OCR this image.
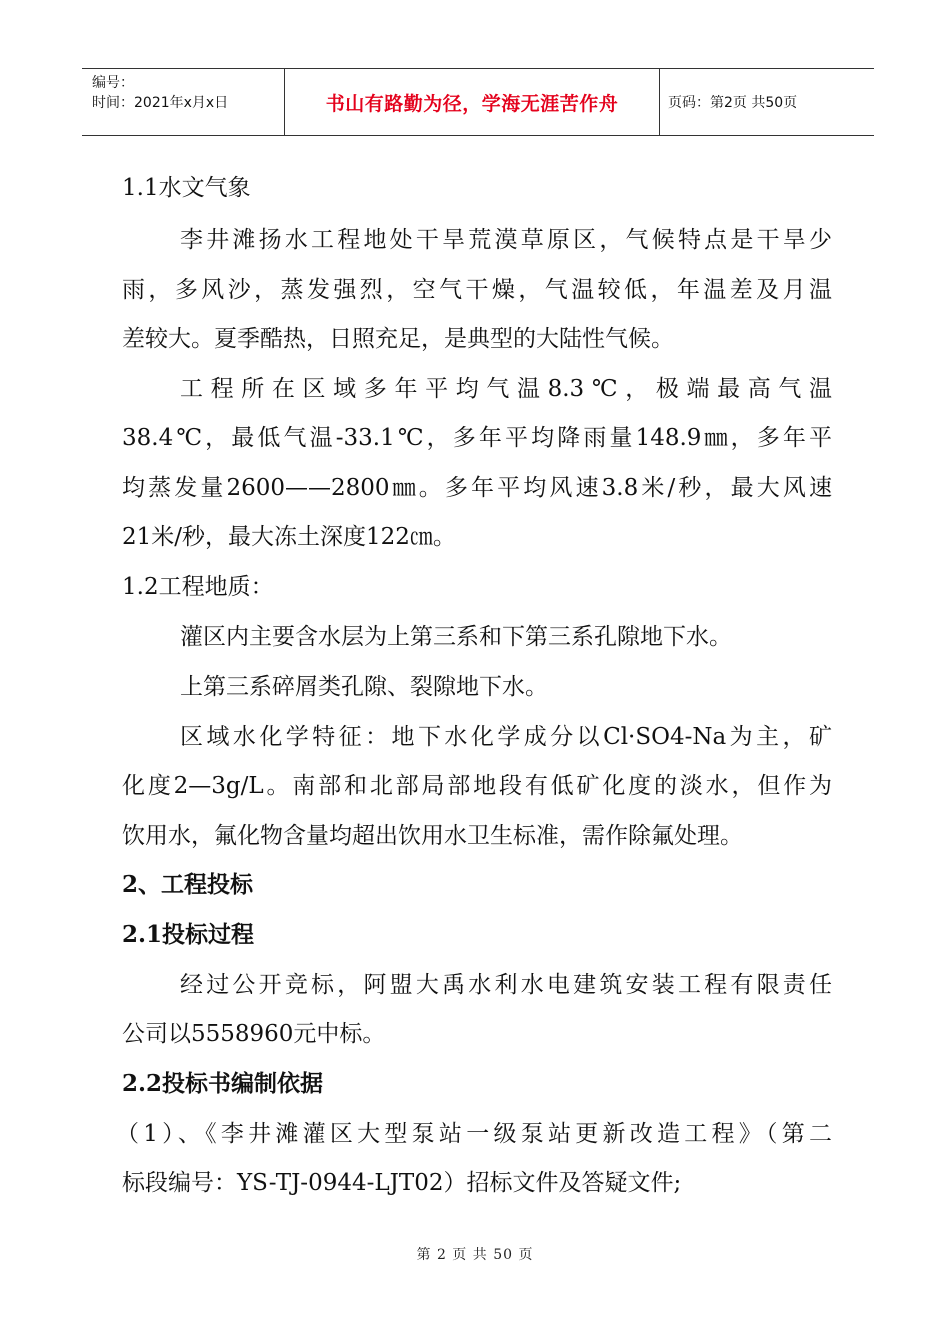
编号：
时间：2021年x月x日	书山有路勤为径，学海无涯苦作舟	页码：第2页 共50页
1.1水文气象
李井滩扬水工程地处干旱荒漠草原区，气候特点是干旱少
雨，多风沙，蒸发强烈，空气干燥，气温较低，年温差及月温
差较大。夏季酷热，日照充足，是典型的大陆性气候。
工程所在区域多年平均气温8.3℃，极端最高气温
38.4℃，最低气温-33.1℃，多年平均降雨量148.9㎜，多年平
均蒸发量2600——2800㎜。多年平均风速3.8米/秒，最大风速
21米/秒，最大冻土深度122㎝。
1.2工程地质：
灌区内主要含水层为上第三系和下第三系孔隙地下水。
上第三系碎屑类孔隙、裂隙地下水。
区域水化学特征：地下水化学成分以Cl·SO4-Na为主，矿
化度2—3g/L。南部和北部局部地段有低矿化度的淡水，但作为
饮用水，氟化物含量均超出饮用水卫生标准，需作除氟处理。
2、工程投标
2.1投标过程
经过公开竞标，阿盟大禹水利水电建筑安装工程有限责任
公司以5558960元中标。
2.2投标书编制依据
（1）、《李井滩灌区大型泵站一级泵站更新改造工程》（第二
标段编号：YS-TJ-0944-LJT02）招标文件及答疑文件;
第 2 页 共 50 页
